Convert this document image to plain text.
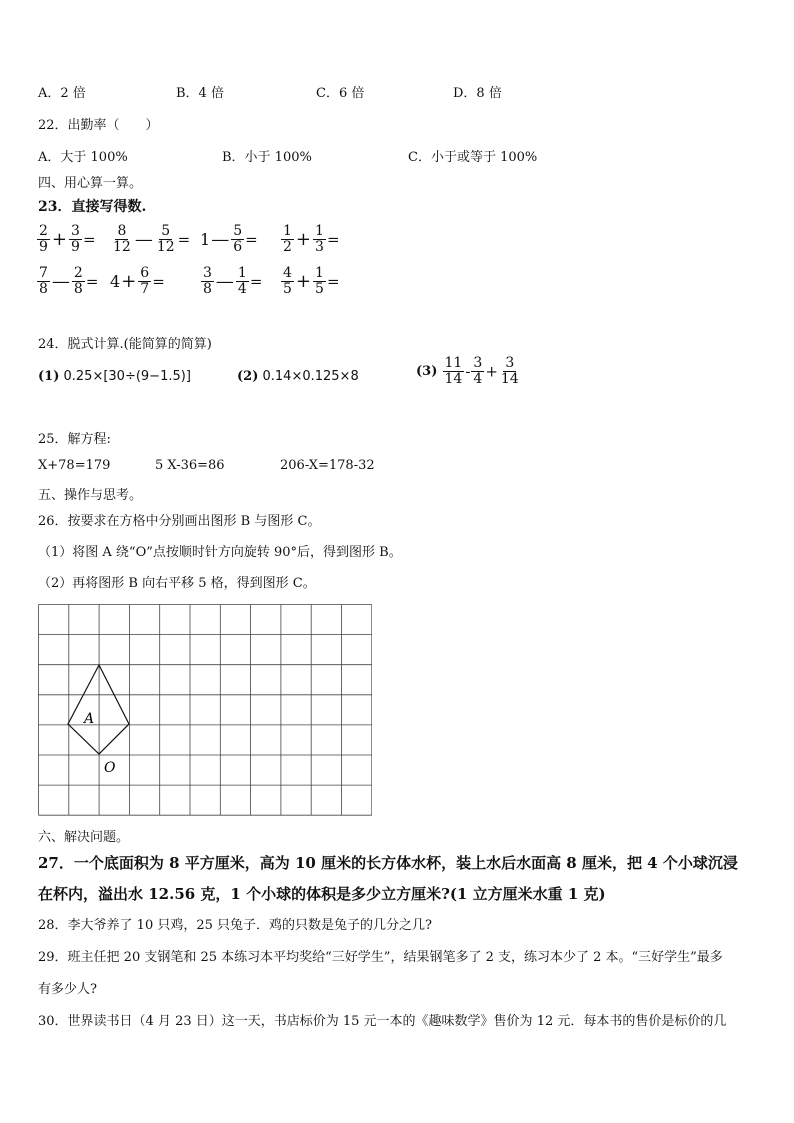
A．2 倍	B．4 倍	C．6 倍	D．8 倍
22．出勤率（　　）
A．大于 100%	B．小于 100%	C．小于或等于 100%
四、用心算一算。
23．直接写得数.
$\frac{2}{9} + \frac{3}{9} = \frac{8}{12}$ — $\frac{5}{12}$ = 1— $\frac{5}{6} = \frac{1}{2} + \frac{1}{3}$ =
$\frac{7}{8}$ — $\frac{2}{8} = 4+ \frac{6}{7}$ =	$\frac{3}{8}$ — $\frac{1}{4} = \frac{4}{5} + \frac{1}{5}$ =
24．脱式计算.(能简算的简算)
(1) 0.25×[30÷(9−1.5)]	(2) 0.14×0.125×8	$(3) \frac{11}{14} - \frac{3}{4} + \frac{3}{14}$
25．解方程:
X+78=179	5 X-36=86	206-X=178-32
五、操作与思考。
26．按要求在方格中分别画出图形 B 与图形 C。
（1）将图 A 绕“O”点按顺时针方向旋转 90°后，得到图形 B。
（2）再将图形 B 向右平移 5 格，得到图形 C。
A
O
六、解决问题。
27．一个底面积为 8 平方厘米，高为 10 厘米的长方体水杯，装上水后水面高 8 厘米，把 4 个小球沉浸
在杯内，溢出水 12.56 克，1 个小球的体积是多少立方厘米?(1 立方厘米水重 1 克)
28．李大爷养了 10 只鸡，25 只兔子．鸡的只数是兔子的几分之几?
29．班主任把 20 支钢笔和 25 本练习本平均奖给“三好学生”，结果钢笔多了 2 支，练习本少了 2 本。“三好学生”最多
有多少人?
30．世界读书日（4 月 23 日）这一天，书店标价为 15 元一本的《趣味数学》售价为 12 元．每本书的售价是标价的几
